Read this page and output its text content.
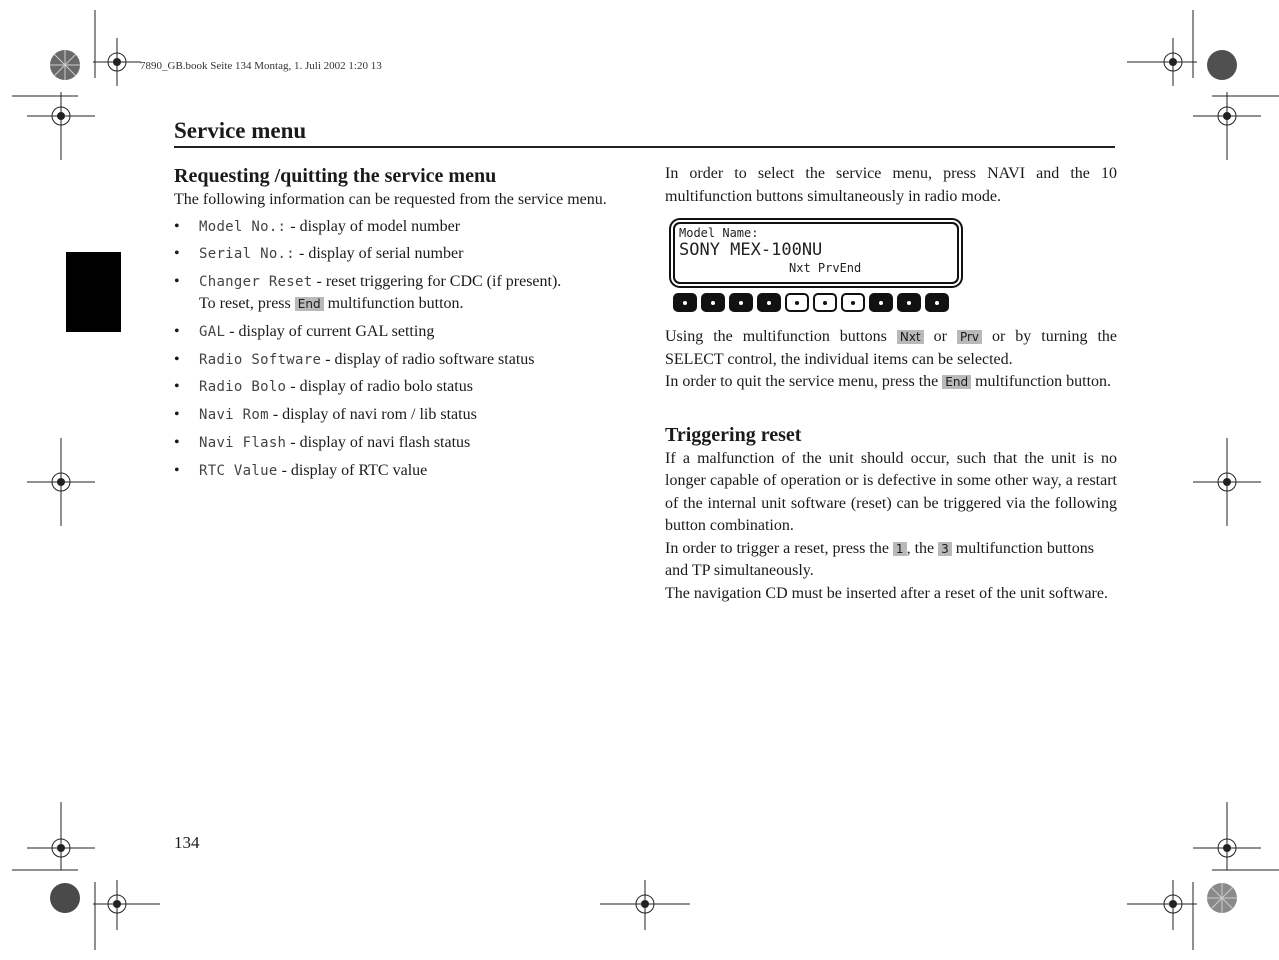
7890_GB.book Seite 134 Montag, 1. Juli 2002 1:20 13
Service menu
Requesting /quitting the service menu

The following information can be requested from the service menu.

• Model No.: - display of model number
• Serial No.: - display of serial number
• Changer Reset - reset triggering for CDC (if present).
To reset, press End multifunction button.
• GAL - display of current GAL setting
• Radio Software - display of radio software status
• Radio Bolo - display of radio bolo status
• Navi Rom - display of navi rom / lib status
• Navi Flash - display of navi flash status
• RTC Value - display of RTC value

In order to select the service menu, press NAVI and the 10 multifunction buttons simultaneously in radio mode.

Model Name:
SONY MEX-100NU
Nxt PrvEnd

Using the multifunction buttons Nxt or Prv or by turning the SELECT control, the individual items can be selected.

In order to quit the service menu, press the End multifunction button.

Triggering reset

If a malfunction of the unit should occur, such that the unit is no longer capable of operation or is defective in some other way, a restart of the internal unit software (reset) can be triggered via the following button combination.

In order to trigger a reset, press the 1 , the 3 multifunction buttons and TP simultaneously.

The navigation CD must be inserted after a reset of the unit software.

134
